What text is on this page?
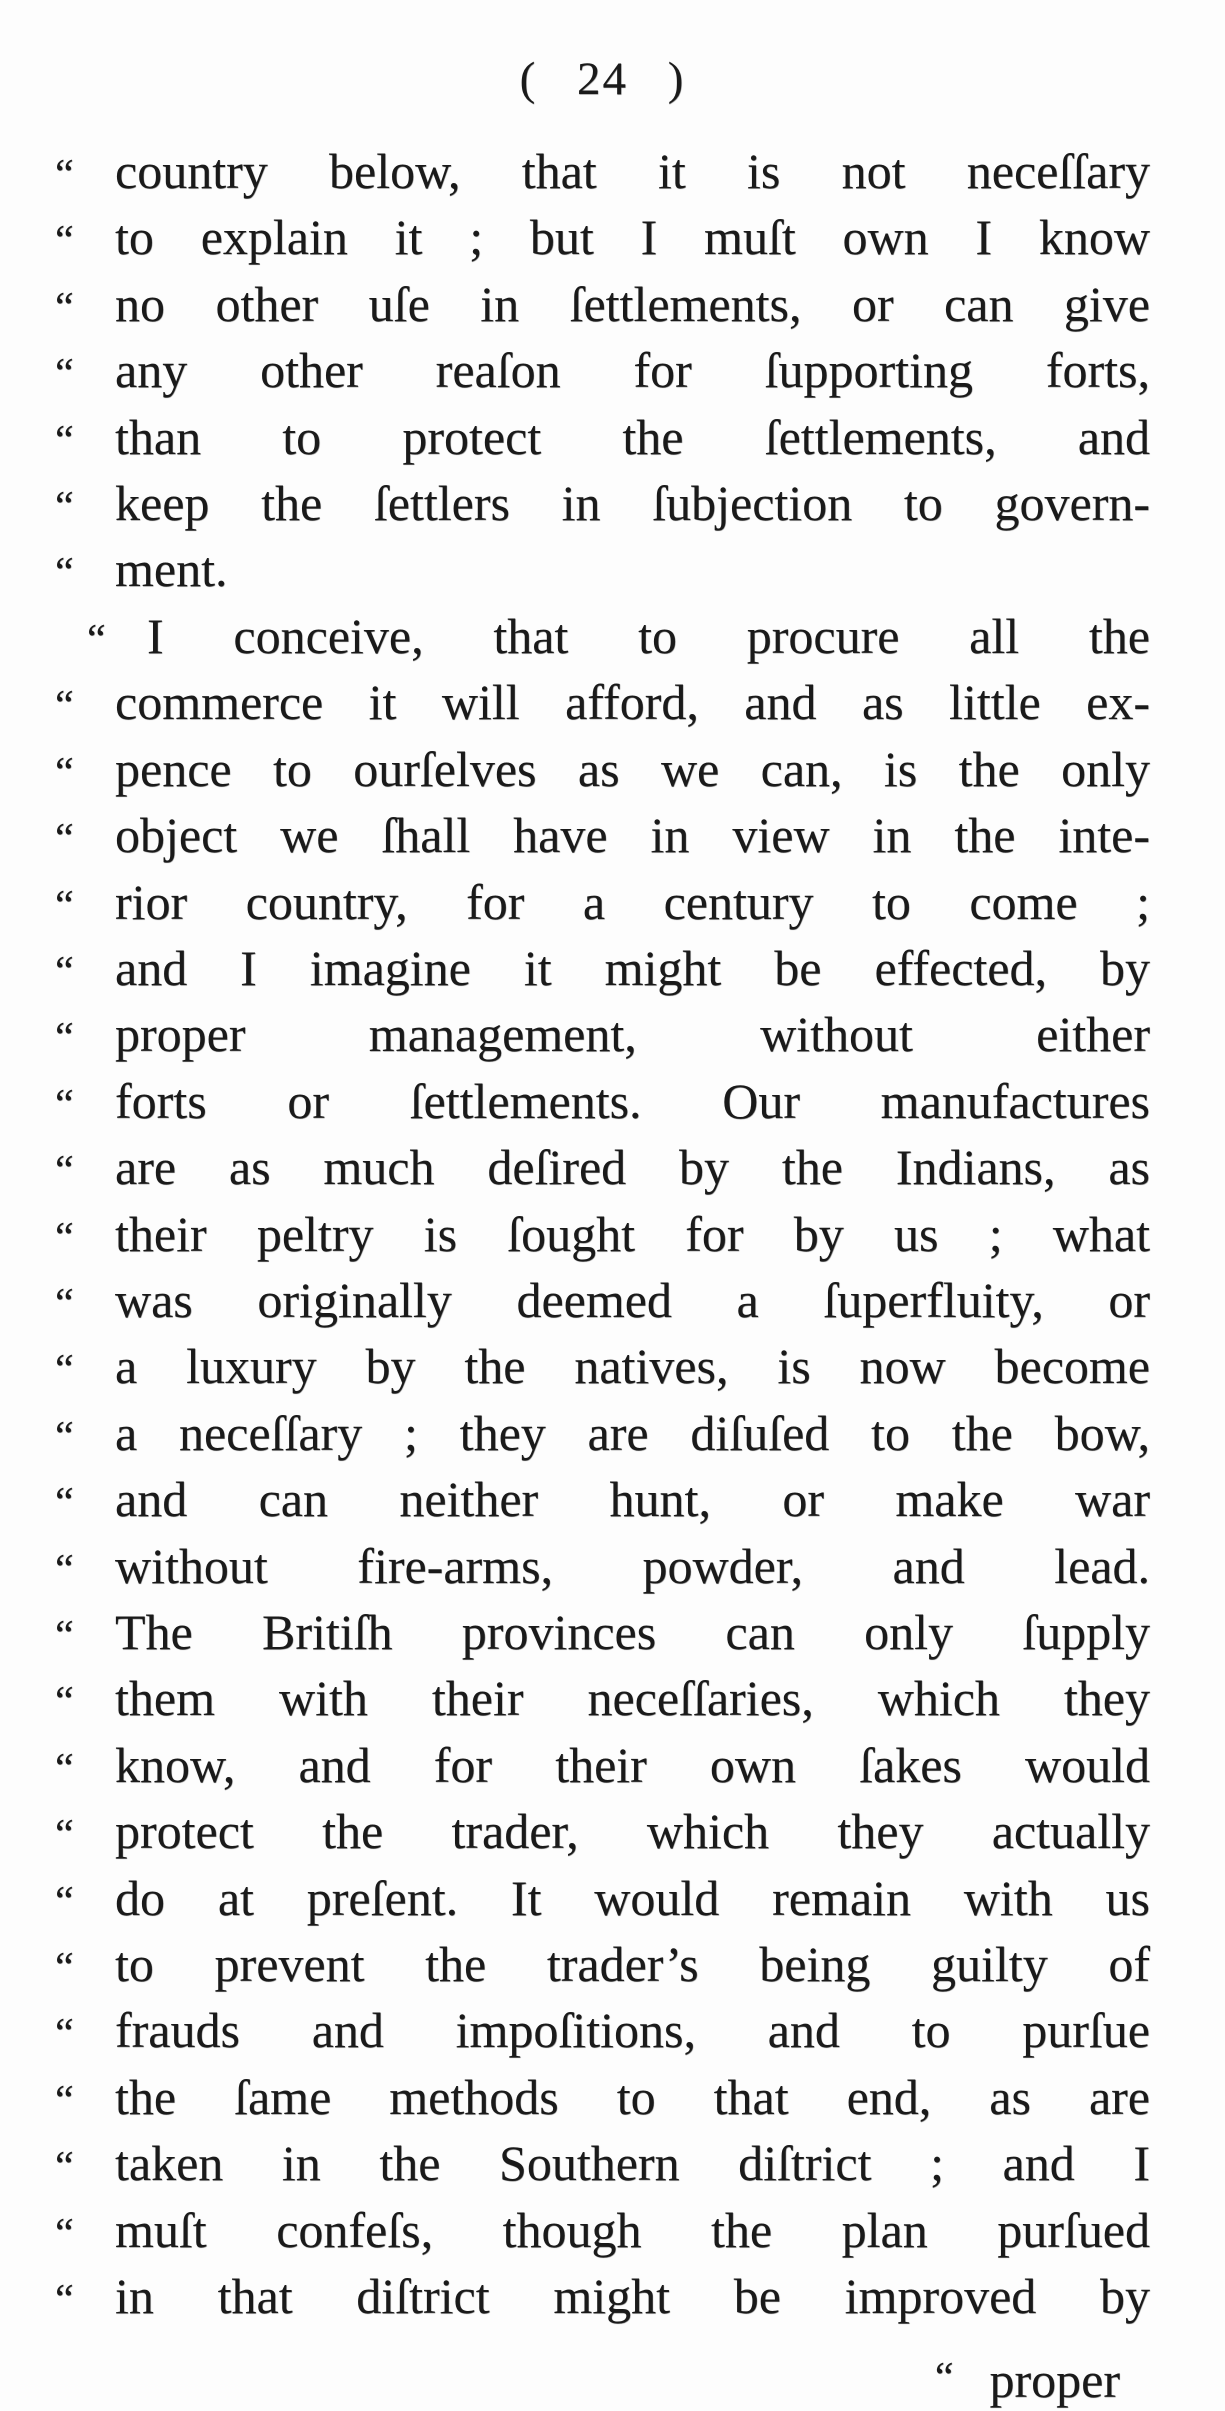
( 24 )
“ country below, that it is not neceſſary
“ to explain it ; but I muſt own I know
“ no other uſe in ſettlements, or can give
“ any other reaſon for ſupporting forts,
“ than to protect the ſettlements, and
“ keep the ſettlers in ſubjection to govern-
“ ment.
“ I conceive, that to procure all the
“ commerce it will afford, and as little ex-
“ pence to ourſelves as we can, is the only
“ object we ſhall have in view in the inte-
“ rior country, for a century to come ;
“ and I imagine it might be effected, by
“ proper management, without either
“ forts or ſettlements. Our manufactures
“ are as much deſired by the Indians, as
“ their peltry is ſought for by us ; what
“ was originally deemed a ſuperfluity, or
“ a luxury by the natives, is now become
“ a neceſſary ; they are diſuſed to the bow,
“ and can neither hunt, or make war
“ without fire-arms, powder, and lead.
“ The Britiſh provinces can only ſupply
“ them with their neceſſaries, which they
“ know, and for their own ſakes would
“ protect the trader, which they actually
“ do at preſent. It would remain with us
“ to prevent the trader’s being guilty of
“ frauds and impoſitions, and to purſue
“ the ſame methods to that end, as are
“ taken in the Southern diſtrict ; and I
“ muſt confeſs, though the plan purſued
“ in that diſtrict might be improved by
“ proper
